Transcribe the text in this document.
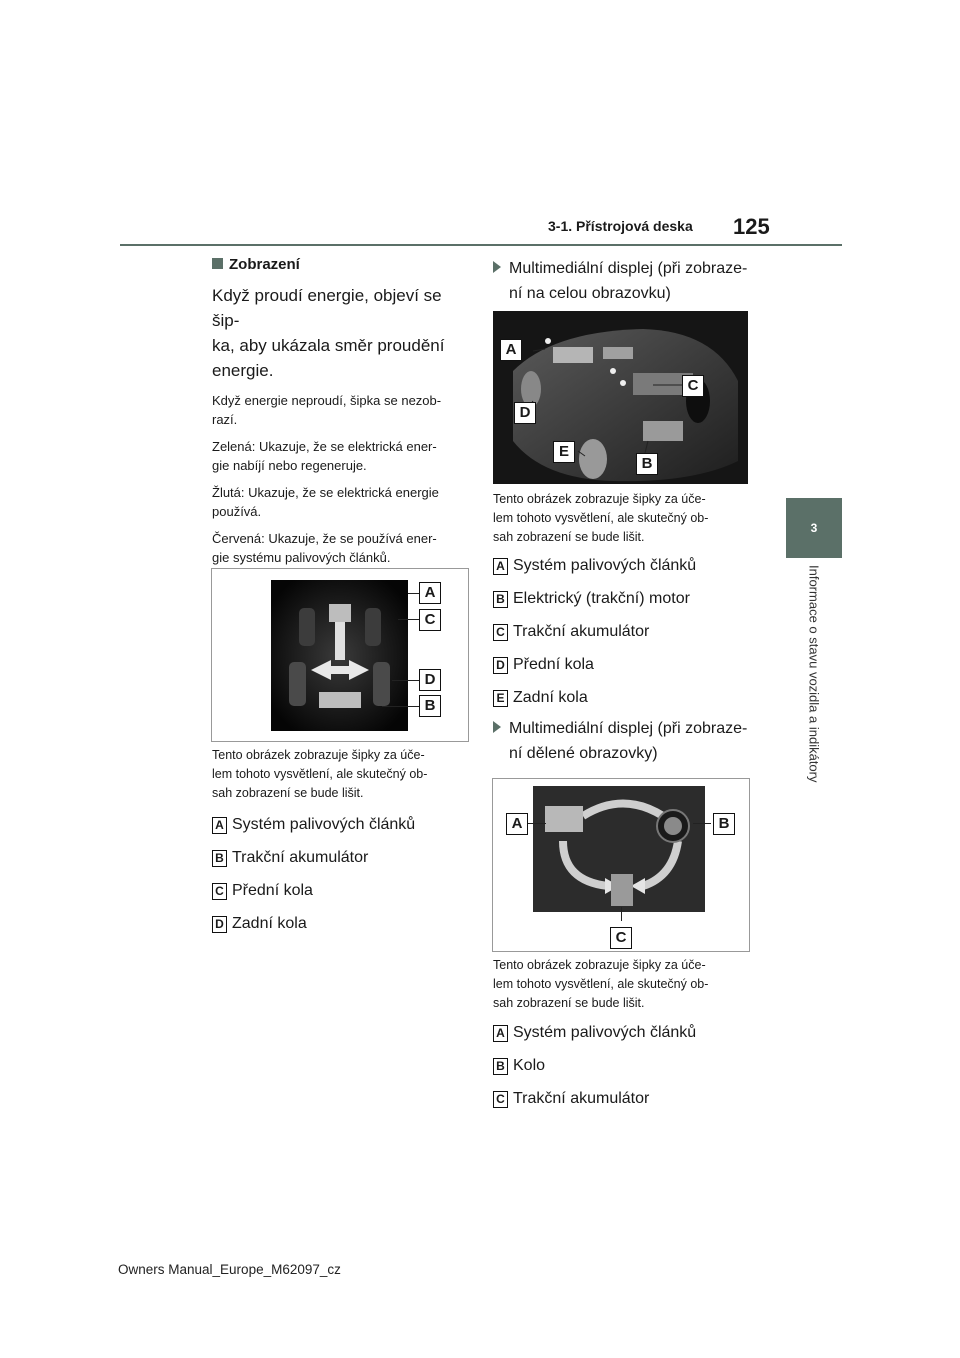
3-1. Přístrojová deska 125
3
Informace o stavu vozidla a indikátory
Zobrazení
Když proudí energie, objeví se šip-
ka, aby ukázala směr proudění
energie.
Když energie neproudí, šipka se nezob-
razí.
Zelená: Ukazuje, že se elektrická ener-
gie nabíjí nebo regeneruje.
Žlutá: Ukazuje, že se elektrická energie
používá.
Červená: Ukazuje, že se používá ener-
gie systému palivových článků.
A
C
D
B
Tento obrázek zobrazuje šipky za úče-
lem tohoto vysvětlení, ale skutečný ob-
sah zobrazení se bude lišit.
A Systém palivových článků
B Trakční akumulátor
C Přední kola
D Zadní kola
Multimediální displej (při zobraze-
ní na celou obrazovku)
A
C
D
E
B
Tento obrázek zobrazuje šipky za úče-
lem tohoto vysvětlení, ale skutečný ob-
sah zobrazení se bude lišit.
A Systém palivových článků
B Elektrický (trakční) motor
C Trakční akumulátor
D Přední kola
E Zadní kola
Multimediální displej (při zobraze-
ní dělené obrazovky)
A	B
C
Tento obrázek zobrazuje šipky za úče-
lem tohoto vysvětlení, ale skutečný ob-
sah zobrazení se bude lišit.
A Systém palivových článků
B Kolo
C Trakční akumulátor
Owners Manual_Europe_M62097_cz
